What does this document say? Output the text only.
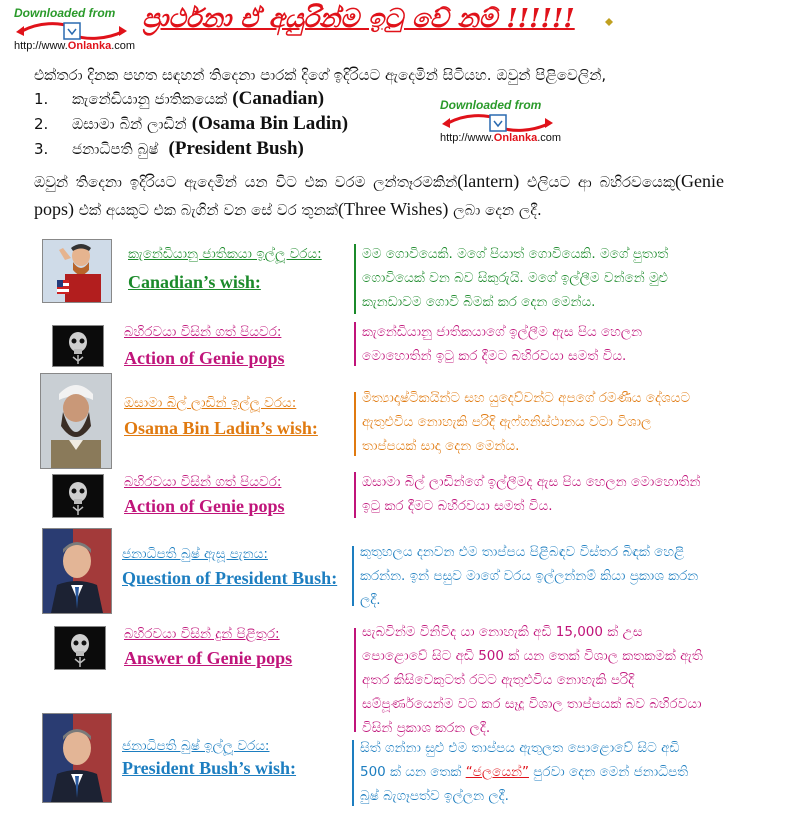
Downloaded from
http://www.Onlanka.com
ප්‍රාර්ථනා ඒ අයුරින්ම ඉටු වේ නම් !!!!!!
එක්තරා දිනක පහත සඳහන් තිදෙනා පාරක් දිගේ ඉදිරියට ඇදෙමින් සිටියහ. ඔවුන් පිළිවෙලින්,
1.	කැනේඩියානු ජාතිකයෙක්
(Canadian)
2.	ඔසාමා බින් ලාඩින්
(Osama Bin Ladin)
3.	ජනාධිපති බුෂ්
(President Bush)
Downloaded from
http://www.Onlanka.com
ඔවුන් තිදෙනා ඉදිරියට ඇදෙමින් යන විට එක වරම ලන්තෑරමකින්(lantern) එලියට ආ බහිරවයෙකු(Genie pops) එක් අයකුට එක බැගින් වන සේ වර තුනක්(Three Wishes) ලබා දෙන ලදී.
කැනේඩියානු ජාතිකයා ඉල්ලූ වරය:
Canadian’s wish:
මම ගොවියෙකි. මගේ පියාත් ගොවියෙකි. මගේ පුතාත් ගොවියෙක් වන බව සිකුරුයි. මගේ ඉල්ලීම වන්නේ මුළු කැනඩාවම ගොවි බිමක් කර දෙන මෙන්ය.
බහිරවයා විසින් ගත් පියවර:
Action of Genie pops
කැනේඩියානු ජාතිකයාගේ ඉල්ලීම ඇස පිය හෙලන මොහොතින් ඉටු කර දීමට බහිරවයා සමත් විය.
ඔසාමා බිල් ලාඩින් ඉල්ලූ වරය:
Osama Bin Ladin’s wish:
මිත්‍යාදෘෂ්ටිකයින්ට සහ යුදෙව්වන්ට අපගේ රමණීය දේශයට ඇතුළුවිය නොහැකි පරිදි ඇෆ්ගනිස්ථානය වටා විශාල තාප්පයක් සාදා දෙන මෙන්ය.
බහිරවයා විසින් ගත් පියවර:
Action of Genie pops
ඔසාමා බිල් ලාඩින්ගේ ඉල්ලීමද ඇස පිය හෙලන මොහොතින් ඉටු කර දීමට බහිරවයා සමත් විය.
ජනාධිපති බුෂ් ඇසූ පැනය:
Question of President Bush:
කුතුහලය දනවන එම තාප්පය පිළිබඳව විස්තර බිඳක් හෙළි කරන්න. ඉන් පසුව මාගේ වරය ඉල්ලන්නම් කියා ප්‍රකාශ කරන ලදී.
බහිරවයා විසින් දුන් පිළිතුර:
Answer of Genie pops
සැබවින්ම විනිවිද යා නොහැකි අඩි 15,000 ක් උස පොළොවේ සිට අඩි 500 ක් යන තෙක් විශාල කතකමක් ඇති අතර කිසිවෙකුටත් රටට ඇතුළුවිය නොහැකි පරිදි සම්පූර්ණයෙන්ම වට කර සෑදූ විශාල තාප්පයක් බව බහිරවයා විසින් ප්‍රකාශ කරන ලදී.
ජනාධිපති බුෂ් ඉල්ලූ වරය:
President Bush’s wish:
සිත් ගන්නා සුළු එම තාප්පය ඇතුලත පොළොවේ සිට අඩි 500 ක් යන තෙක් “ජලයෙන්” පුරවා දෙන මෙන් ජනාධිපති බුෂ් බැගෑපත්ව ඉල්ලන ලදී.
